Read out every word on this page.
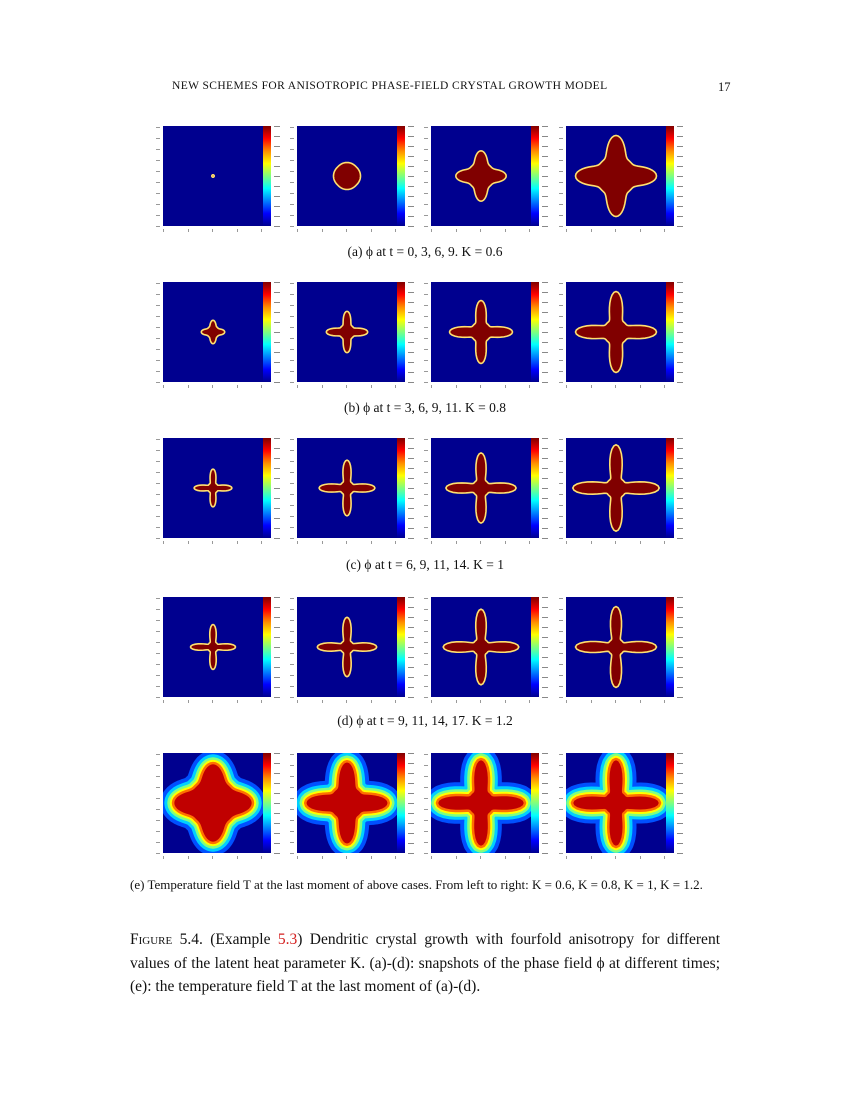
NEW SCHEMES FOR ANISOTROPIC PHASE-FIELD CRYSTAL GROWTH MODEL	17
(a) ϕ at t = 0, 3, 6, 9. K = 0.6
(b) ϕ at t = 3, 6, 9, 11. K = 0.8
(c) ϕ at t = 6, 9, 11, 14. K = 1
(d) ϕ at t = 9, 11, 14, 17. K = 1.2
(e) Temperature field T at the last moment of above cases. From left to right: K = 0.6, K = 0.8, K = 1, K = 1.2.
Figure 5.4. (Example 5.3) Dendritic crystal growth with fourfold anisotropy for different values of the latent heat parameter K. (a)-(d): snapshots of the phase field ϕ at different times; (e): the temperature field T at the last moment of (a)-(d).
